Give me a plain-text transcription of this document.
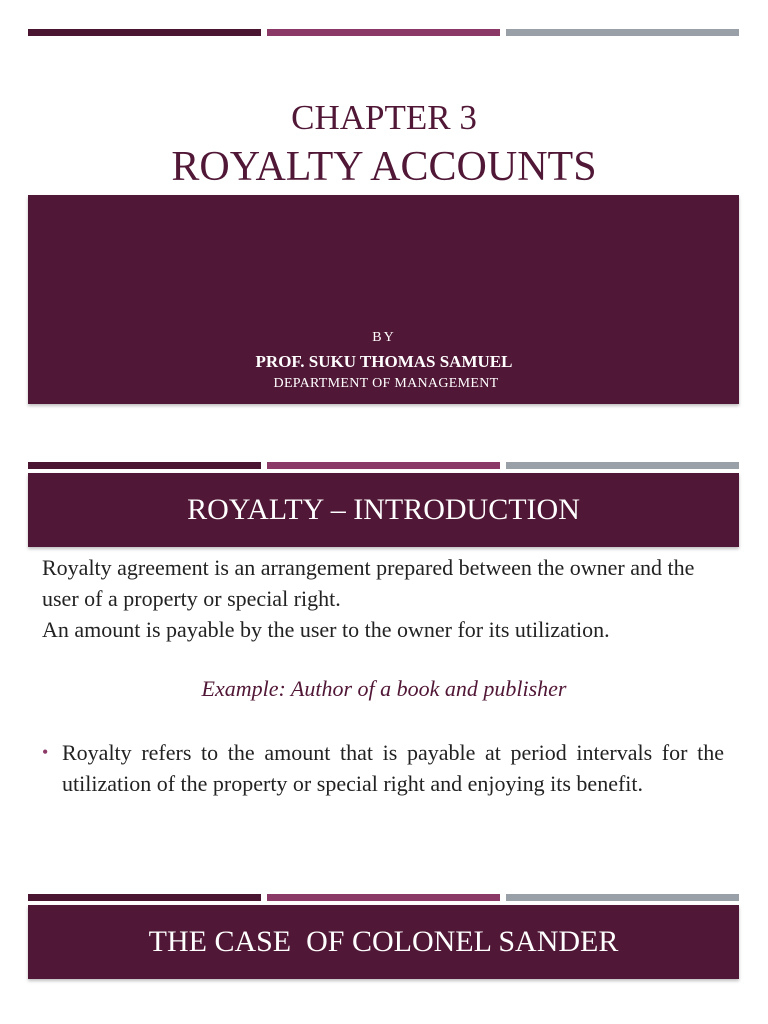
CHAPTER 3
ROYALTY ACCOUNTS
BY
PROF. SUKU THOMAS SAMUEL
DEPARTMENT OF MANAGEMENT
ROYALTY – INTRODUCTION
Royalty agreement is an arrangement prepared between the owner and the user of a property or special right.
An amount is payable by the user to the owner for its utilization.
Example: Author of a book and publisher
• Royalty refers to the amount that is payable at period intervals for the utilization of the property or special right and enjoying its benefit.
THE CASE  OF COLONEL SANDER
